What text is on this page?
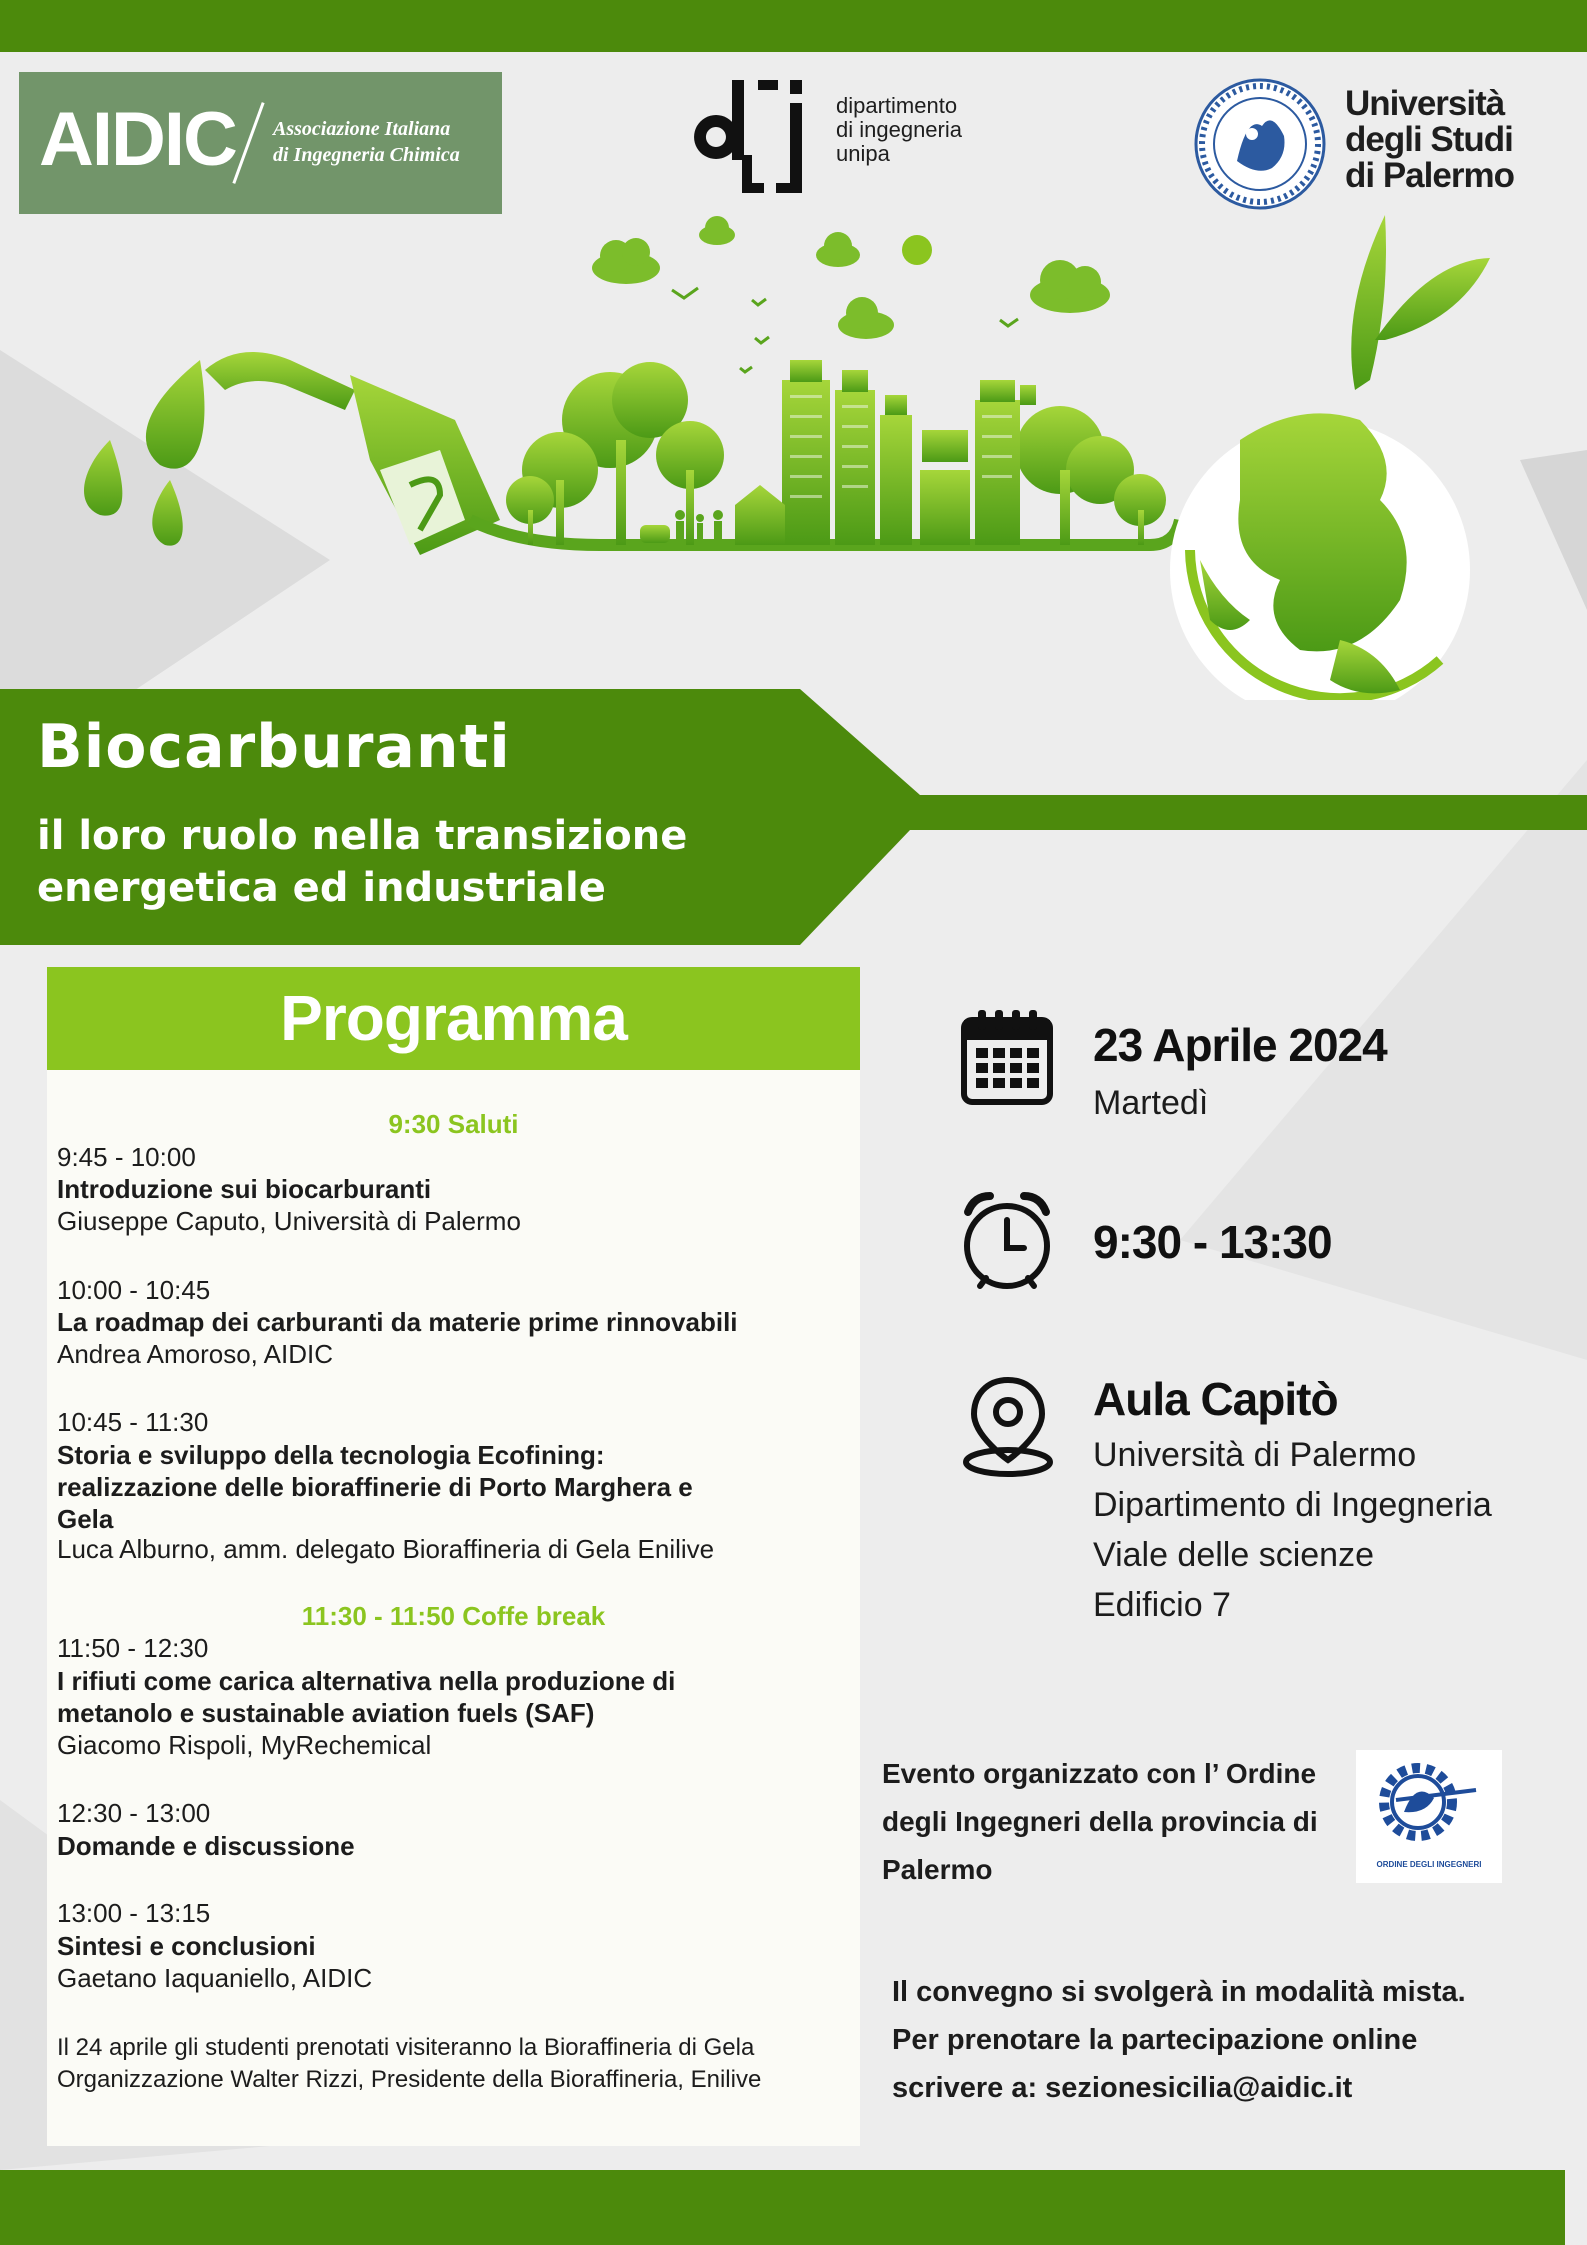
AIDIC Associazione Italiana
di Ingegneria Chimica
dipartimento
di ingegneria
unipa
Università
degli Studi
di Palermo
Biocarburanti
il loro ruolo nella transizione
energetica ed industriale
Programma
9:30 Saluti
9:45 - 10:00
Introduzione sui biocarburanti
Giuseppe Caputo, Università di Palermo
10:00 - 10:45
La roadmap dei carburanti da materie prime rinnovabili
Andrea Amoroso, AIDIC
10:45 - 11:30
Storia e sviluppo della tecnologia Ecofining:
realizzazione delle bioraffinerie di Porto Marghera e
Gela
Luca Alburno, amm. delegato Bioraffineria di Gela Enilive
11:30 - 11:50 Coffe break
11:50 - 12:30
I rifiuti come carica alternativa nella produzione di
metanolo e sustainable aviation fuels (SAF)
Giacomo Rispoli, MyRechemical
12:30 - 13:00
Domande e discussione
13:00 - 13:15
Sintesi e conclusioni
Gaetano Iaquaniello, AIDIC
Il 24 aprile gli studenti prenotati visiteranno la Bioraffineria di Gela
Organizzazione Walter Rizzi, Presidente della Bioraffineria, Enilive
23 Aprile 2024
Martedì
9:30 - 13:30
Aula Capitò
Università di Palermo
Dipartimento di Ingegneria
Viale delle scienze
Edificio 7
Evento organizzato con l’ Ordine
degli Ingegneri della provincia di
Palermo	ORDINE DEGLI INGEGNERI
Il convegno si svolgerà in modalità mista.
Per prenotare la partecipazione online
scrivere a: sezionesicilia@aidic.it
